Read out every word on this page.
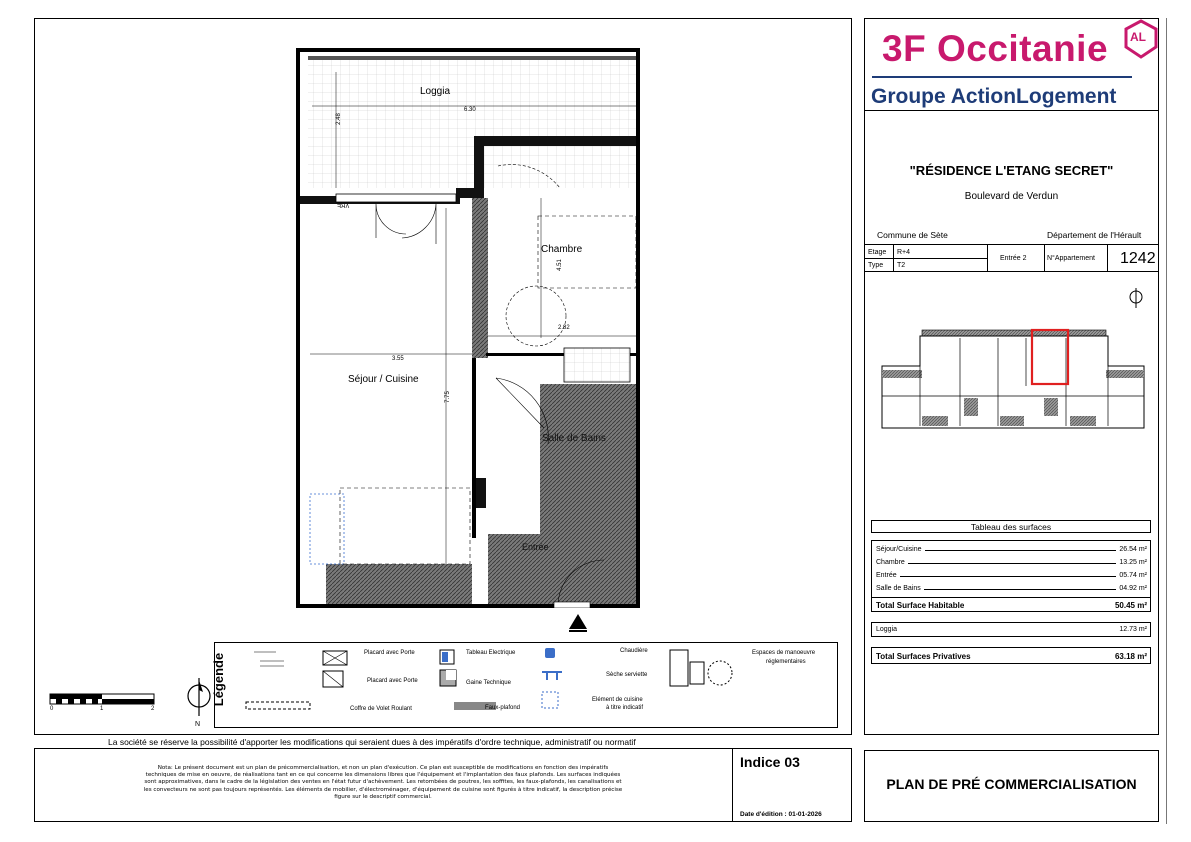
Loggia
6.30
2.48
Chambre
4.51
2.82
3.55
Séjour / Cuisine
7.75
Salle de Bains
Entrée
VRE
0	1	2
N
Légende	Placard avec Porte
Placard avec Porte
Coffre de Volet Roulant
Tableau Electrique
Gaine Technique
Faux-plafond
Chaudière
Sèche serviette
Elément de cuisine
à titre indicatif
Espaces de manoeuvre
réglementaires
La société se réserve la possibilité d'apporter les modifications qui seraient dues à des impératifs d'ordre technique, administratif ou normatif
Nota: Le présent document est un plan de précommercialisation, et non un plan d'exécution. Ce plan est susceptible de modifications en fonction des impératifs
techniques de mise en oeuvre, de réalisations tant en ce qui concerne les dimensions libres que l'équipement et l'implantation des faux plafonds. Les surfaces indiquées
sont approximatives, dans le cadre de la législation des ventes en l'état futur d'achèvement. Les retombées de poutres, les soffites, les faux-plafonds, les canalisations et
les convecteurs ne sont pas toujours représentés. Les éléments de mobilier, d'électroménager, d'équipement de cuisine sont figurés à titre indicatif, la description précise
figure sur le descriptif commercial.
Indice 03
Date d'édition : 01-01-2026
3F Occitanie AL
Groupe ActionLogement
"RÉSIDENCE L'ETANG SECRET"
Boulevard de Verdun
Commune de Sète	Département de l'Hérault
Etage R+4
Type T2
Entrée 2	N°Appartement 1242
Tableau des surfaces
Séjour/Cuisine	26.54 m²
Chambre	13.25 m²
Entrée	05.74 m²
Salle de Bains	04.92 m²
Total Surface Habitable	50.45 m²
Loggia	12.73 m²
Total Surfaces Privatives	63.18 m²
PLAN DE PRÉ COMMERCIALISATION
